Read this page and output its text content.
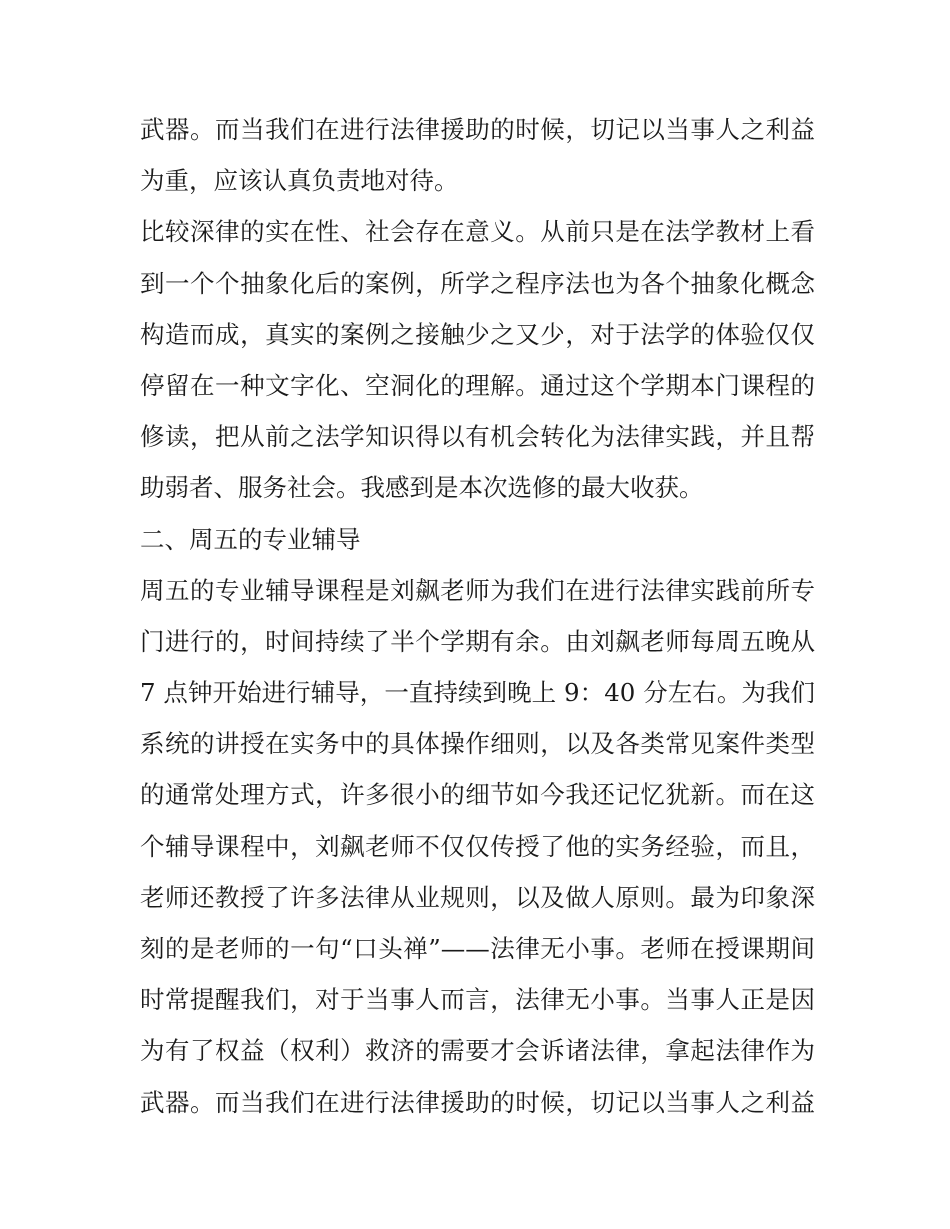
武器。而当我们在进行法律援助的时候，切记以当事人之利益
为重，应该认真负责地对待。
比较深律的实在性、社会存在意义。从前只是在法学教材上看
到一个个抽象化后的案例，所学之程序法也为各个抽象化概念
构造而成，真实的案例之接触少之又少，对于法学的体验仅仅
停留在一种文字化、空洞化的理解。通过这个学期本门课程的
修读，把从前之法学知识得以有机会转化为法律实践，并且帮
助弱者、服务社会。我感到是本次选修的最大收获。
二、周五的专业辅导
周五的专业辅导课程是刘飙老师为我们在进行法律实践前所专
门进行的，时间持续了半个学期有余。由刘飙老师每周五晚从
7 点钟开始进行辅导，一直持续到晚上 9：40 分左右。为我们
系统的讲授在实务中的具体操作细则，以及各类常见案件类型
的通常处理方式，许多很小的细节如今我还记忆犹新。而在这
个辅导课程中，刘飙老师不仅仅传授了他的实务经验，而且，
老师还教授了许多法律从业规则，以及做人原则。最为印象深
刻的是老师的一句“口头禅”——法律无小事。老师在授课期间
时常提醒我们，对于当事人而言，法律无小事。当事人正是因
为有了权益（权利）救济的需要才会诉诸法律，拿起法律作为
武器。而当我们在进行法律援助的时候，切记以当事人之利益
